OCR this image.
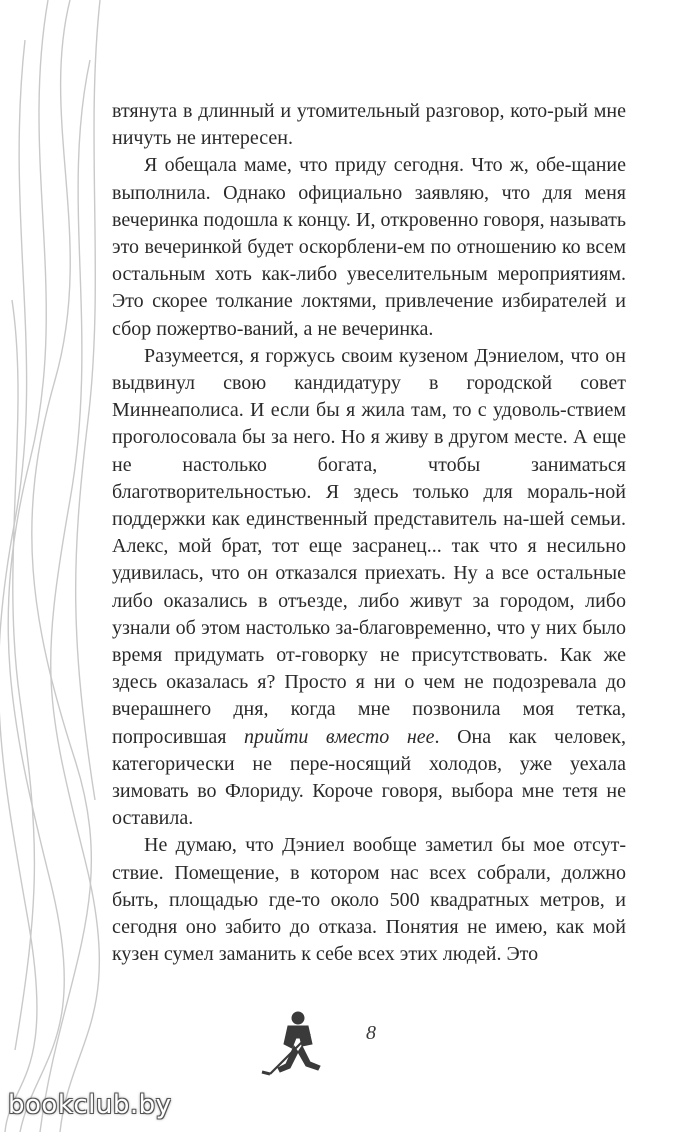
втянута в длинный и утомительный разговор, кото-рый мне ничуть не интересен.

Я обещала маме, что приду сегодня. Что ж, обе-щание выполнила. Однако официально заявляю, что для меня вечеринка подошла к концу. И, откровенно говоря, называть это вечеринкой будет оскорблени-ем по отношению ко всем остальным хоть как-либо увеселительным мероприятиям. Это скорее толкание локтями, привлечение избирателей и сбор пожертво-ваний, а не вечеринка.

Разумеется, я горжусь своим кузеном Дэниелом, что он выдвинул свою кандидатуру в городской совет Миннеаполиса. И если бы я жила там, то с удоволь-ствием проголосовала бы за него. Но я живу в другом месте. А еще не настолько богата, чтобы заниматься благотворительностью. Я здесь только для мораль-ной поддержки как единственный представитель на-шей семьи. Алекс, мой брат, тот еще засранец... так что я несильно удивилась, что он отказался приехать. Ну а все остальные либо оказались в отъезде, либо живут за городом, либо узнали об этом настолько за-благовременно, что у них было время придумать от-говорку не присутствовать. Как же здесь оказалась я? Просто я ни о чем не подозревала до вчерашнего дня, когда мне позвонила моя тетка, попросившая прийти вместо нее. Она как человек, категорически не пере-носящий холодов, уже уехала зимовать во Флориду. Короче говоря, выбора мне тетя не оставила.

Не думаю, что Дэниел вообще заметил бы мое отсут-ствие. Помещение, в котором нас всех собрали, должно быть, площадью где-то около 500 квадратных метров, и сегодня оно забито до отказа. Понятия не имею, как мой кузен сумел заманить к себе всех этих людей. Это

8
bookclub.by
